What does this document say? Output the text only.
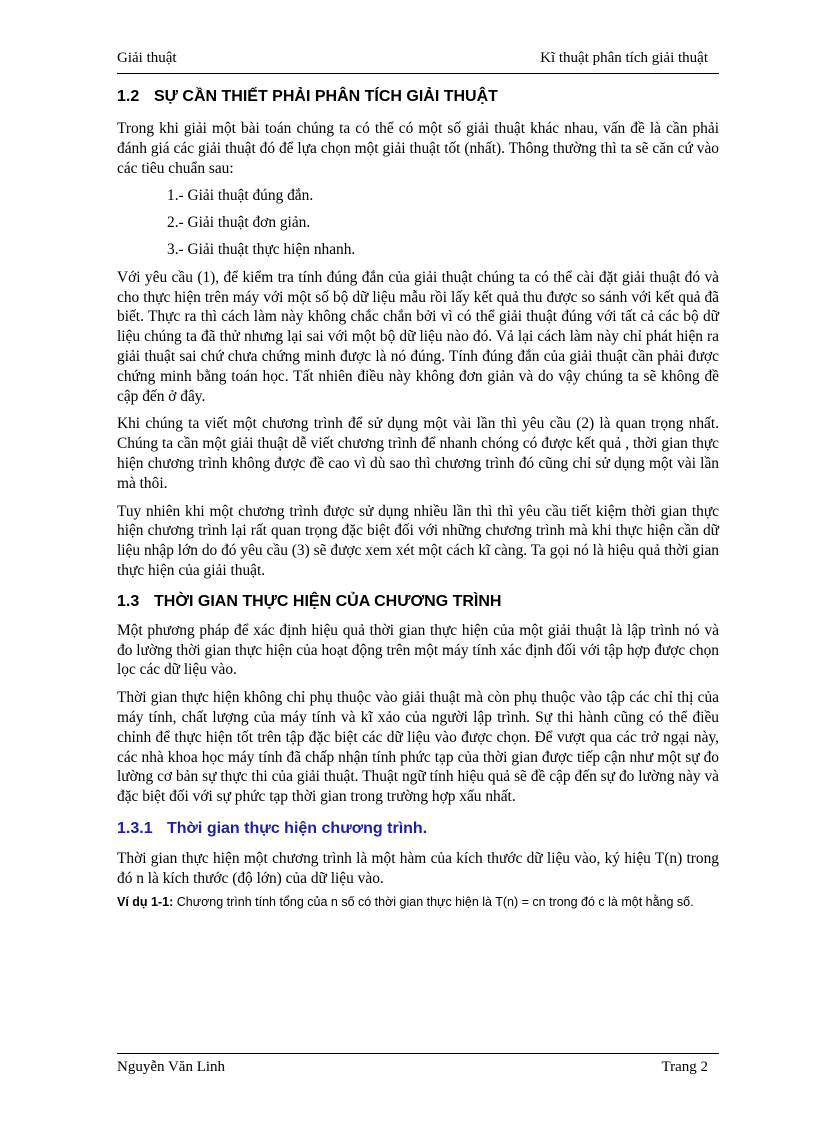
Giải thuật	Kĩ thuật phân tích giải thuật
1.2 SỰ CẦN THIẾT PHẢI PHÂN TÍCH GIẢI THUẬT

Trong khi giải một bài toán chúng ta có thể có một số giải thuật khác nhau, vấn đề là cần phải đánh giá các giải thuật đó để lựa chọn một giải thuật tốt (nhất). Thông thường thì ta sẽ căn cứ vào các tiêu chuẩn sau:

1.- Giải thuật đúng đắn.
2.- Giải thuật đơn giản.
3.- Giải thuật thực hiện nhanh.

Với yêu cầu (1), để kiểm tra tính đúng đắn của giải thuật chúng ta có thể cài đặt giải thuật đó và cho thực hiện trên máy với một số bộ dữ liệu mẫu rồi lấy kết quả thu được so sánh với kết quả đã biết. Thực ra thì cách làm này không chắc chắn bởi vì có thể giải thuật đúng với tất cả các bộ dữ liệu chúng ta đã thử nhưng lại sai với một bộ dữ liệu nào đó. Vả lại cách làm này chỉ phát hiện ra giải thuật sai chứ chưa chứng minh được là nó đúng. Tính đúng đắn của giải thuật cần phải được chứng minh bằng toán học. Tất nhiên điều này không đơn giản và do vậy chúng ta sẽ không đề cập đến ở đây.

Khi chúng ta viết một chương trình để sử dụng một vài lần thì yêu cầu (2) là quan trọng nhất. Chúng ta cần một giải thuật dễ viết chương trình để nhanh chóng có được kết quả , thời gian thực hiện chương trình không được đề cao vì dù sao thì chương trình đó cũng chỉ sử dụng một vài lần mà thôi.

Tuy nhiên khi một chương trình được sử dụng nhiều lần thì thì yêu cầu tiết kiệm thời gian thực hiện chương trình lại rất quan trọng đặc biệt đối với những chương trình mà khi thực hiện cần dữ liệu nhập lớn do đó yêu cầu (3) sẽ được xem xét một cách kĩ càng. Ta gọi nó là hiệu quả thời gian thực hiện của giải thuật.

1.3 THỜI GIAN THỰC HIỆN CỦA CHƯƠNG TRÌNH

Một phương pháp để xác định hiệu quả thời gian thực hiện của một giải thuật là lập trình nó và đo lường thời gian thực hiện của hoạt động trên một máy tính xác định đối với tập hợp được chọn lọc các dữ liệu vào.

Thời gian thực hiện không chỉ phụ thuộc vào giải thuật mà còn phụ thuộc vào tập các chỉ thị của máy tính, chất lượng của máy tính và kĩ xảo của người lập trình. Sự thi hành cũng có thể điều chỉnh để thực hiện tốt trên tập đặc biệt các dữ liệu vào được chọn. Để vượt qua các trở ngại này, các nhà khoa học máy tính đã chấp nhận tính phức tạp của thời gian được tiếp cận như một sự đo lường cơ bản sự thực thi của giải thuật. Thuật ngữ tính hiệu quả sẽ đề cập đến sự đo lường này và đặc biệt đối với sự phức tạp thời gian trong trường hợp xấu nhất.

1.3.1 Thời gian thực hiện chương trình.

Thời gian thực hiện một chương trình là một hàm của kích thước dữ liệu vào, ký hiệu T(n) trong đó n là kích thước (độ lớn) của dữ liệu vào.

Ví dụ 1-1: Chương trình tính tổng của n số có thời gian thực hiện là T(n) = cn trong đó c là một hằng số.

Nguyễn Văn Linh	Trang 2
